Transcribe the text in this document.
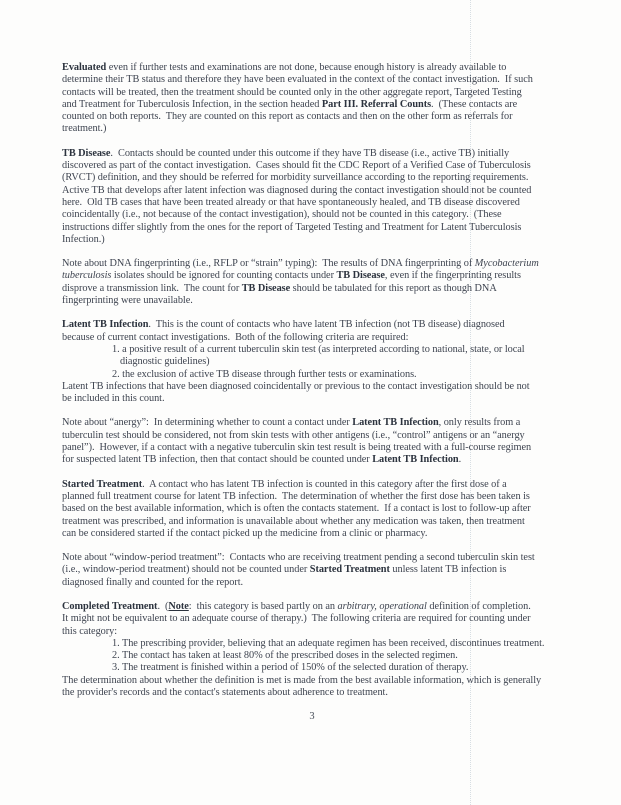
Evaluated even if further tests and examinations are not done, because enough history is already available to
determine their TB status and therefore they have been evaluated in the context of the contact investigation.  If such
contacts will be treated, then the treatment should be counted only in the other aggregate report, Targeted Testing
and Treatment for Tuberculosis Infection, in the section headed Part III. Referral Counts.  (These contacts are
counted on both reports.  They are counted on this report as contacts and then on the other form as referrals for
treatment.)
TB Disease.  Contacts should be counted under this outcome if they have TB disease (i.e., active TB) initially
discovered as part of the contact investigation.  Cases should fit the CDC Report of a Verified Case of Tuberculosis
(RVCT) definition, and they should be referred for morbidity surveillance according to the reporting requirements.
Active TB that develops after latent infection was diagnosed during the contact investigation should not be counted
here.  Old TB cases that have been treated already or that have spontaneously healed, and TB disease discovered
coincidentally (i.e., not because of the contact investigation), should not be counted in this category.  (These
instructions differ slightly from the ones for the report of Targeted Testing and Treatment for Latent Tuberculosis
Infection.)
Note about DNA fingerprinting (i.e., RFLP or “strain” typing):  The results of DNA fingerprinting of Mycobacterium
tuberculosis isolates should be ignored for counting contacts under TB Disease, even if the fingerprinting results
disprove a transmission link.  The count for TB Disease should be tabulated for this report as though DNA
fingerprinting were unavailable.
Latent TB Infection.  This is the count of contacts who have latent TB infection (not TB disease) diagnosed
because of current contact investigations.  Both of the following criteria are required:
1. a positive result of a current tuberculin skin test (as interpreted according to national, state, or local
diagnostic guidelines)
2. the exclusion of active TB disease through further tests or examinations.
Latent TB infections that have been diagnosed coincidentally or previous to the contact investigation should be not
be included in this count.
Note about “anergy”:  In determining whether to count a contact under Latent TB Infection, only results from a
tuberculin test should be considered, not from skin tests with other antigens (i.e., “control” antigens or an “anergy
panel”).  However, if a contact with a negative tuberculin skin test result is being treated with a full-course regimen
for suspected latent TB infection, then that contact should be counted under Latent TB Infection.
Started Treatment.  A contact who has latent TB infection is counted in this category after the first dose of a
planned full treatment course for latent TB infection.  The determination of whether the first dose has been taken is
based on the best available information, which is often the contacts statement.  If a contact is lost to follow-up after
treatment was prescribed, and information is unavailable about whether any medication was taken, then treatment
can be considered started if the contact picked up the medicine from a clinic or pharmacy.
Note about “window-period treatment”:  Contacts who are receiving treatment pending a second tuberculin skin test
(i.e., window-period treatment) should not be counted under Started Treatment unless latent TB infection is
diagnosed finally and counted for the report.
Completed Treatment.  (Note:  this category is based partly on an arbitrary, operational definition of completion.
It might not be equivalent to an adequate course of therapy.)  The following criteria are required for counting under
this category:
1. The prescribing provider, believing that an adequate regimen has been received, discontinues treatment.
2. The contact has taken at least 80% of the prescribed doses in the selected regimen.
3. The treatment is finished within a period of 150% of the selected duration of therapy.
The determination about whether the definition is met is made from the best available information, which is generally
the provider's records and the contact's statements about adherence to treatment.
3
